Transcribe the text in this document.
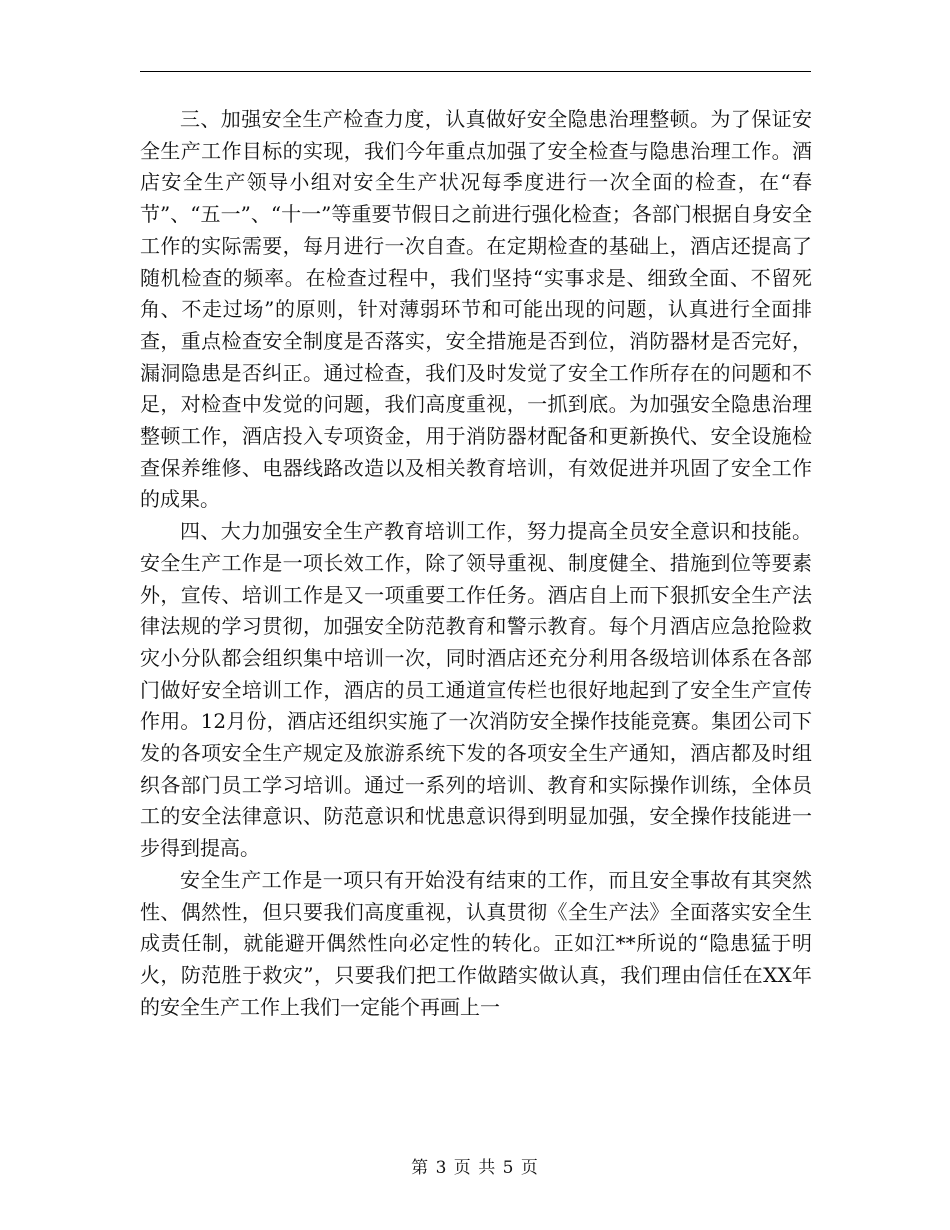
三、加强安全生产检查力度，认真做好安全隐患治理整顿。为了保证安全生产工作目标的实现，我们今年重点加强了安全检查与隐患治理工作。酒店安全生产领导小组对安全生产状况每季度进行一次全面的检查，在“春节”、“五一”、“十一”等重要节假日之前进行强化检查；各部门根据自身安全工作的实际需要，每月进行一次自查。在定期检查的基础上，酒店还提高了随机检查的频率。在检查过程中，我们坚持“实事求是、细致全面、不留死角、不走过场”的原则，针对薄弱环节和可能出现的问题，认真进行全面排查，重点检查安全制度是否落实，安全措施是否到位，消防器材是否完好，漏洞隐患是否纠正。通过检查，我们及时发觉了安全工作所存在的问题和不足，对检查中发觉的问题，我们高度重视，一抓到底。为加强安全隐患治理整顿工作，酒店投入专项资金，用于消防器材配备和更新换代、安全设施检查保养维修、电器线路改造以及相关教育培训，有效促进并巩固了安全工作的成果。

四、大力加强安全生产教育培训工作，努力提高全员安全意识和技能。安全生产工作是一项长效工作，除了领导重视、制度健全、措施到位等要素外，宣传、培训工作是又一项重要工作任务。酒店自上而下狠抓安全生产法律法规的学习贯彻，加强安全防范教育和警示教育。每个月酒店应急抢险救灾小分队都会组织集中培训一次，同时酒店还充分利用各级培训体系在各部门做好安全培训工作，酒店的员工通道宣传栏也很好地起到了安全生产宣传作用。12月份，酒店还组织实施了一次消防安全操作技能竞赛。集团公司下发的各项安全生产规定及旅游系统下发的各项安全生产通知，酒店都及时组织各部门员工学习培训。通过一系列的培训、教育和实际操作训练，全体员工的安全法律意识、防范意识和忧患意识得到明显加强，安全操作技能进一步得到提高。

安全生产工作是一项只有开始没有结束的工作，而且安全事故有其突然性、偶然性，但只要我们高度重视，认真贯彻《全生产法》全面落实安全生成责任制，就能避开偶然性向必定性的转化。正如江**所说的“隐患猛于明火，防范胜于救灾”，只要我们把工作做踏实做认真，我们理由信任在XX年的安全生产工作上我们一定能个再画上一

第 3 页 共 5 页
